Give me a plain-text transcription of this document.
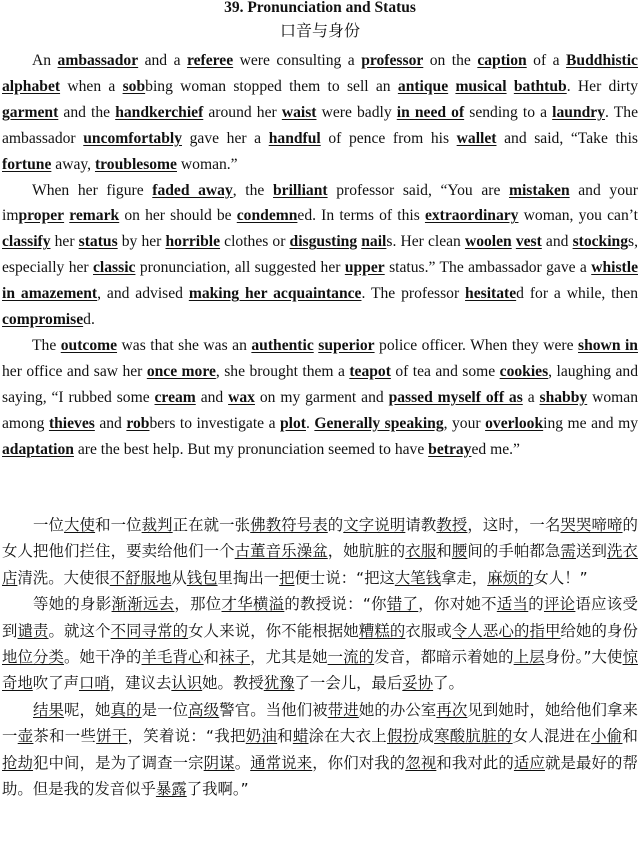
39. Pronunciation and Status
口音与身份

An ambassador and a referee were consulting a professor on the caption of a Buddhistic alphabet when a sobbing woman stopped them to sell an antique musical bathtub. Her dirty garment and the handkerchief around her waist were badly in need of sending to a laundry. The ambassador uncomfortably gave her a handful of pence from his wallet and said, “Take this fortune away, troublesome woman.”

When her figure faded away, the brilliant professor said, “You are mistaken and your improper remark on her should be condemned. In terms of this extraordinary woman, you can’t classify her status by her horrible clothes or disgusting nails. Her clean woolen vest and stockings, especially her classic pronunciation, all suggested her upper status.” The ambassador gave a whistle in amazement, and advised making her acquaintance. The professor hesitated for a while, then compromised.

The outcome was that she was an authentic superior police officer. When they were shown in her office and saw her once more, she brought them a teapot of tea and some cookies, laughing and saying, “I rubbed some cream and wax on my garment and passed myself off as a shabby woman among thieves and robbers to investigate a plot. Generally speaking, your overlooking me and my adaptation are the best help. But my pronunciation seemed to have betrayed me.”

一位大使和一位裁判正在就一张佛教符号表的文字说明请教教授，这时，一名哭哭啼啼的女人把他们拦住，要卖给他们一个古董音乐澡盆，她肮脏的衣服和腰间的手帕都急需送到洗衣店清洗。大使很不舒服地从钱包里掏出一把便士说：“把这大笔钱拿走，麻烦的女人！”

等她的身影渐渐远去，那位才华横溢的教授说：“你错了，你对她不适当的评论语应该受到谴责。就这个不同寻常的女人来说，你不能根据她糟糕的衣服或令人恶心的指甲给她的身份地位分类。她干净的羊毛背心和袜子，尤其是她一流的发音，都暗示着她的上层身份。”大使惊奇地吹了声口哨，建议去认识她。教授犹豫了一会儿，最后妥协了。

结果呢，她真的是一位高级警官。当他们被带进她的办公室再次见到她时，她给他们拿来一壶茶和一些饼干，笑着说：“我把奶油和蜡涂在大衣上假扮成寒酸肮脏的女人混进在小偷和抢劫犯中间，是为了调查一宗阴谋。通常说来，你们对我的忽视和我对此的适应就是最好的帮助。但是我的发音似乎暴露了我啊。”
